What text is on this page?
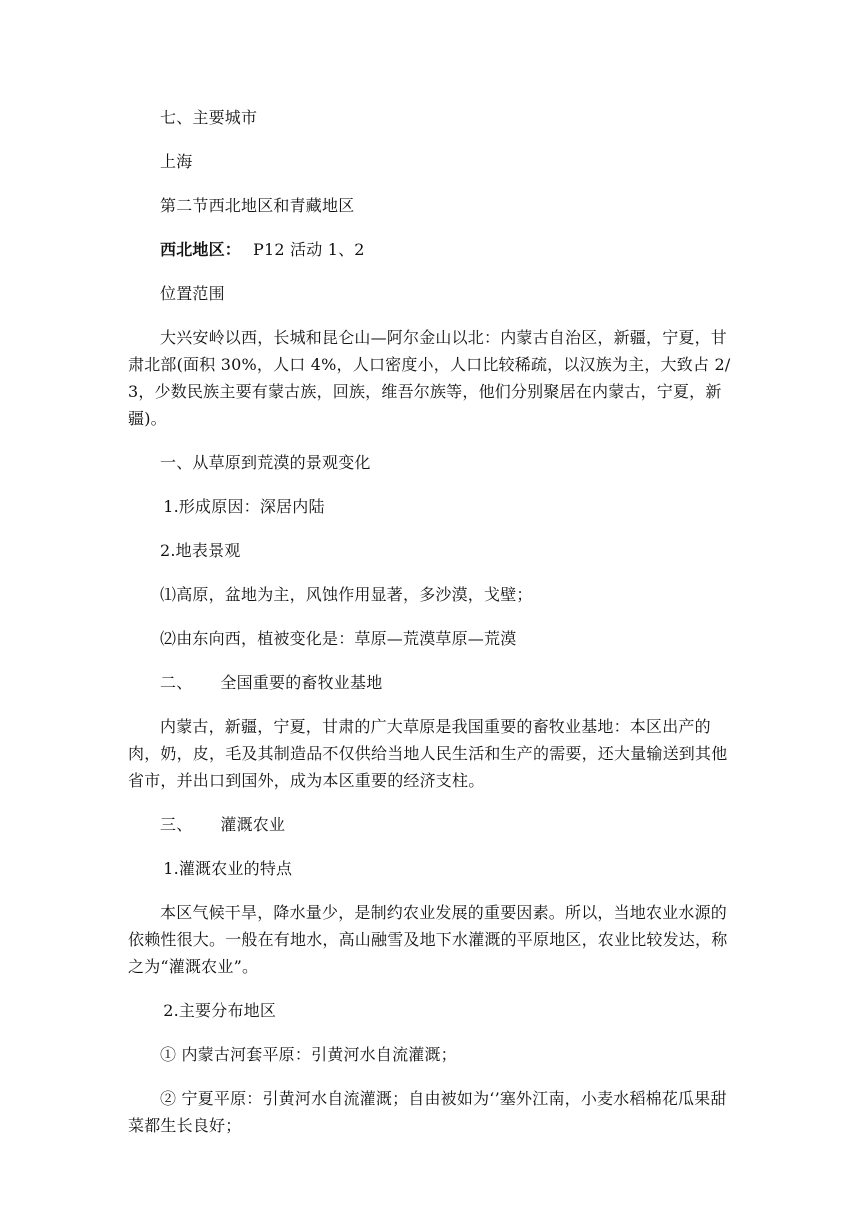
七、主要城市

上海

第二节西北地区和青藏地区

西北地区： P12 活动 1、2

位置范围

大兴安岭以西，长城和昆仑山—阿尔金山以北：内蒙古自治区，新疆，宁夏，甘肃北部(面积 30%，人口 4%，人口密度小，人口比较稀疏，以汉族为主，大致占 2/3，少数民族主要有蒙古族，回族，维吾尔族等，他们分别聚居在内蒙古，宁夏，新疆)。

一、从草原到荒漠的景观变化

1.形成原因：深居内陆

2.地表景观

⑴高原，盆地为主，风蚀作用显著，多沙漠，戈壁；

⑵由东向西，植被变化是：草原—荒漠草原—荒漠

二、 全国重要的畜牧业基地

内蒙古，新疆，宁夏，甘肃的广大草原是我国重要的畜牧业基地：本区出产的肉，奶，皮，毛及其制造品不仅供给当地人民生活和生产的需要，还大量输送到其他省市，并出口到国外，成为本区重要的经济支柱。

三、 灌溉农业

1.灌溉农业的特点

本区气候干旱，降水量少，是制约农业发展的重要因素。所以，当地农业水源的依赖性很大。一般在有地水，高山融雪及地下水灌溉的平原地区，农业比较发达，称之为“灌溉农业”。

2.主要分布地区

① 内蒙古河套平原：引黄河水自流灌溉；

② 宁夏平原：引黄河水自流灌溉；自由被如为‘’塞外江南，小麦水稻棉花瓜果甜菜都生长良好；
